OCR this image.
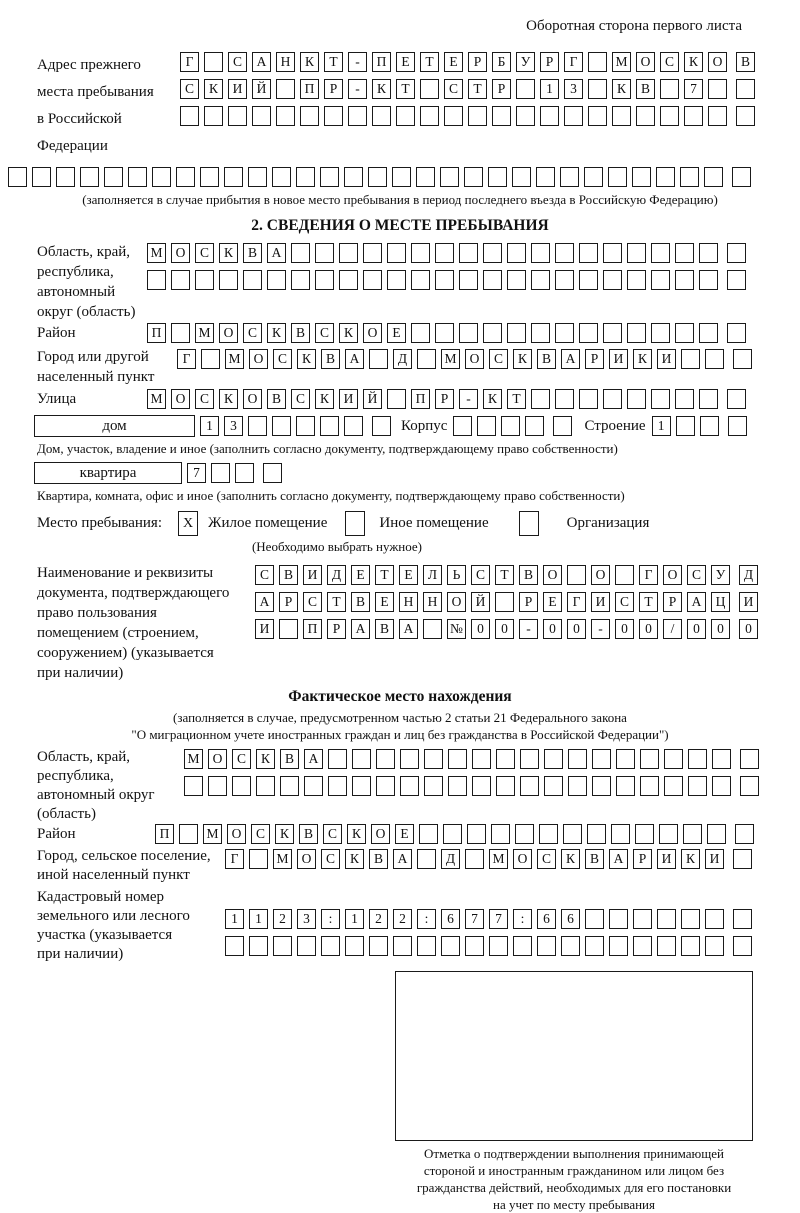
Оборотная сторона первого листа
Адрес прежнего
места пребывания
в Российской
Федерации
Г	С	А	Н	К	Т	-	П	Е	Т	Е	Р	Б	У	Р	Г	М О	С	К	О	В
С	К	И	Й	П	Р	-	К	Т	С	Т	Р	1	3	К	В	7
(заполняется в случае прибытия в новое место пребывания в период последнего въезда в Российскую Федерацию)
2. СВЕДЕНИЯ О МЕСТЕ ПРЕБЫВАНИЯ
Область, край,
республика,
автономный
округ (область)
М О	С	К	В	А
Район	П	М О	С	К	В	С	К	О	Е
Город или другой
населенный пункт
Г	М О	С	К	В	А	Д	М О	С	К	В	А	Р	И	К	И
Улица	М О	С	К	О	В	С	К	И	Й	П	Р	-	К	Т
дом	1	3	Корпус	Строение 1
Дом, участок, владение и иное (заполнить согласно документу, подтверждающему право собственности)
квартира	7
Квартира, комната, офис и иное (заполнить согласно документу, подтверждающему право собственности)
Место пребывания:	X Жилое помещение	Иное помещение	Организация
(Необходимо выбрать нужное)
Наименование и реквизиты
документа, подтверждающего
право пользования
помещением (строением,
сооружением) (указывается
при наличии)
С	В	И	Д	Е	Т	Е	Л	Ь	С	Т	В	О	О	Г	О	С	У	Д
А	Р	С	Т	В	Е	Н	Н	О	Й	Р	Е	Г	И	С	Т	Р	А	Ц	И
И	П	Р	А	В	А	№	0	0	-	0	0	-	0	0	/	0	0	0
Фактическое место нахождения
(заполняется в случае, предусмотренном частью 2 статьи 21 Федерального закона
"О миграционном учете иностранных граждан и лиц без гражданства в Российской Федерации")
Область, край,
республика,
автономный округ
(область)
М О	С	К	В	А
Район	П	М О	С	К	В	С	К	О	Е
Город, сельское поселение,
иной населенный пункт
Г	М О	С	К	В	А	Д	М О	С	К	В	А	Р	И	К	И
Кадастровый номер
земельного или лесного
участка (указывается
при наличии)
1	1	2	3	:	1	2	2	:	6	7	7	:	6	6
Отметка о подтверждении выполнения принимающей
стороной и иностранным гражданином или лицом без
гражданства действий, необходимых для его постановки
на учет по месту пребывания
